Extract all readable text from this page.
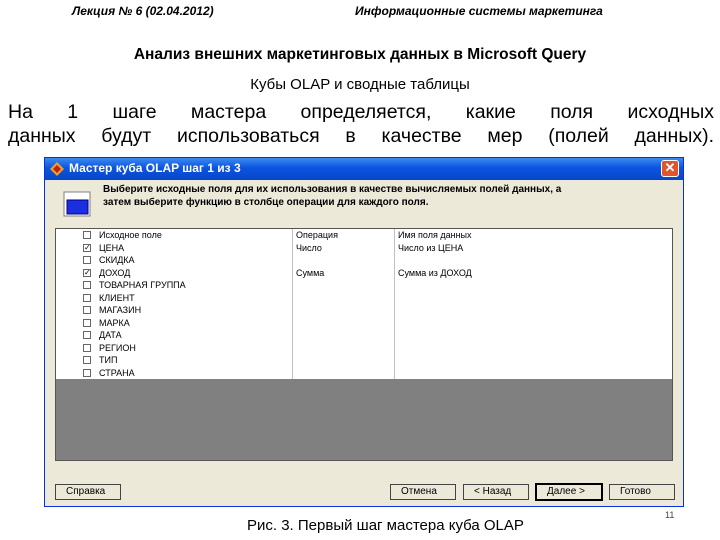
Лекция № 6 (02.04.2012)	Информационные системы маркетинга
Анализ внешних маркетинговых данных в Microsoft Query
Кубы OLAP и сводные таблицы
На 1 шаге мастера определяется, какие поля исходных
данных будут использоваться в качестве мер (полей данных).
Мастер куба OLAP шаг 1 из 3	✕
Выберите исходные поля для их использования в качестве вычисляемых полей данных, а
затем выберите функцию в столбце операции для каждого поля.
Исходное поле	Операция	Имя поля данных
✓ ЦЕНА	Число	Число из ЦЕНА
СКИДКА
✓ ДОХОД	Сумма	Сумма из ДОХОД
ТОВАРНАЯ ГРУППА
КЛИЕНТ
МАГАЗИН
МАРКА
ДАТА
РЕГИОН
ТИП
СТРАНА
Справка	Отмена	< Назад	Далее >	Готово
Рис. 3. Первый шаг мастера куба OLAP
11
